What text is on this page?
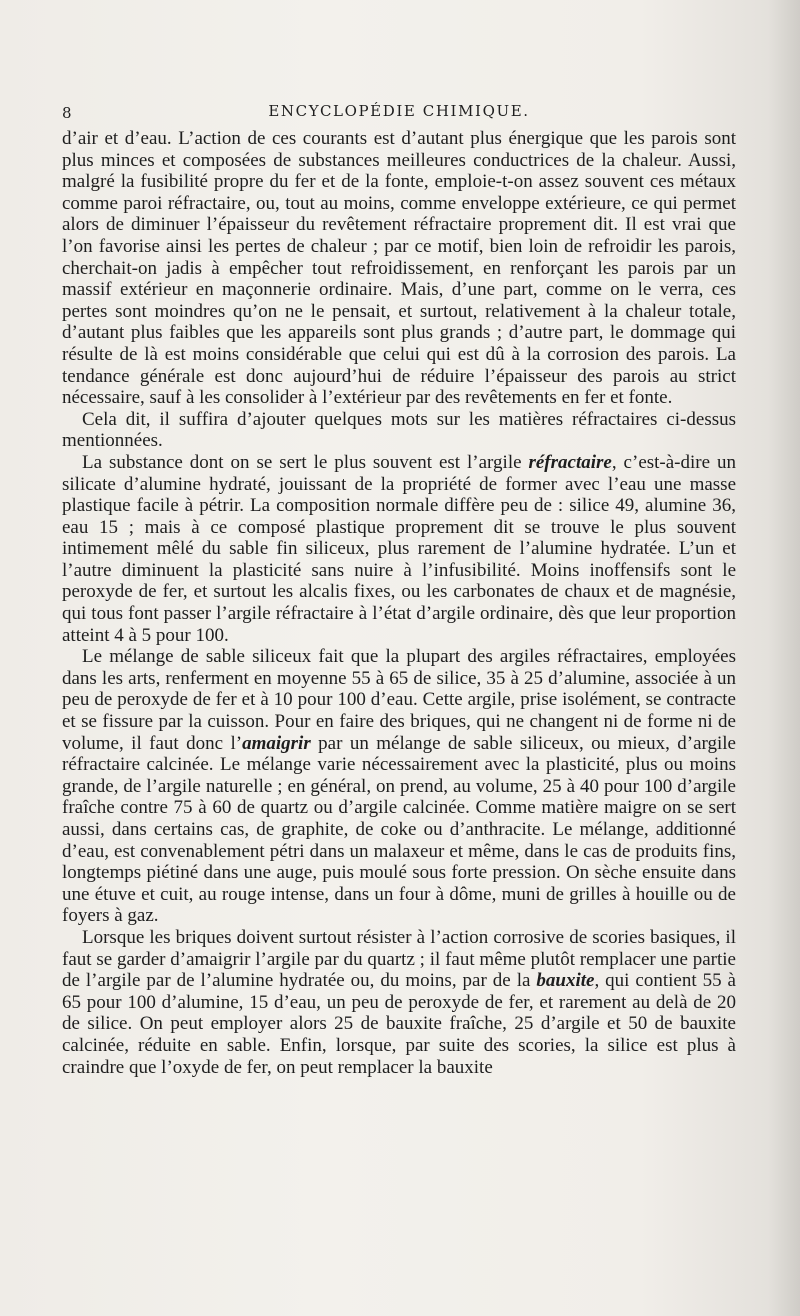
8	ENCYCLOPÉDIE CHIMIQUE.

d’air et d’eau. L’action de ces courants est d’autant plus énergique que les parois sont plus minces et composées de substances meilleures conductrices de la chaleur. Aussi, malgré la fusibilité propre du fer et de la fonte, emploie-t-on assez souvent ces métaux comme paroi réfractaire, ou, tout au moins, comme enveloppe extérieure, ce qui permet alors de diminuer l’épaisseur du revêtement réfractaire proprement dit. Il est vrai que l’on favorise ainsi les pertes de chaleur ; par ce motif, bien loin de refroidir les parois, cherchait-on jadis à empêcher tout refroidissement, en renforçant les parois par un massif extérieur en maçonnerie ordinaire. Mais, d’une part, comme on le verra, ces pertes sont moindres qu’on ne le pensait, et surtout, relativement à la chaleur totale, d’autant plus faibles que les appareils sont plus grands ; d’autre part, le dommage qui résulte de là est moins considérable que celui qui est dû à la corrosion des parois. La tendance générale est donc aujourd’hui de réduire l’épaisseur des parois au strict nécessaire, sauf à les consolider à l’extérieur par des revêtements en fer et fonte.

Cela dit, il suffira d’ajouter quelques mots sur les matières réfractaires ci-dessus mentionnées.

La substance dont on se sert le plus souvent est l’argile réfractaire, c’est-à-dire un silicate d’alumine hydraté, jouissant de la propriété de former avec l’eau une masse plastique facile à pétrir. La composition normale diffère peu de : silice 49, alumine 36, eau 15 ; mais à ce composé plastique proprement dit se trouve le plus souvent intimement mêlé du sable fin siliceux, plus rarement de l’alumine hydratée. L’un et l’autre diminuent la plasticité sans nuire à l’infusibilité. Moins inoffensifs sont le peroxyde de fer, et surtout les alcalis fixes, ou les carbonates de chaux et de magnésie, qui tous font passer l’argile réfractaire à l’état d’argile ordinaire, dès que leur proportion atteint 4 à 5 pour 100.

Le mélange de sable siliceux fait que la plupart des argiles réfractaires, employées dans les arts, renferment en moyenne 55 à 65 de silice, 35 à 25 d’alumine, associée à un peu de peroxyde de fer et à 10 pour 100 d’eau. Cette argile, prise isolément, se contracte et se fissure par la cuisson. Pour en faire des briques, qui ne changent ni de forme ni de volume, il faut donc l’amaigrir par un mélange de sable siliceux, ou mieux, d’argile réfractaire calcinée. Le mélange varie nécessairement avec la plasticité, plus ou moins grande, de l’argile naturelle ; en général, on prend, au volume, 25 à 40 pour 100 d’argile fraîche contre 75 à 60 de quartz ou d’argile calcinée. Comme matière maigre on se sert aussi, dans certains cas, de graphite, de coke ou d’anthracite. Le mélange, additionné d’eau, est convenablement pétri dans un malaxeur et même, dans le cas de produits fins, longtemps piétiné dans une auge, puis moulé sous forte pression. On sèche ensuite dans une étuve et cuit, au rouge intense, dans un four à dôme, muni de grilles à houille ou de foyers à gaz.

Lorsque les briques doivent surtout résister à l’action corrosive de scories basiques, il faut se garder d’amaigrir l’argile par du quartz ; il faut même plutôt remplacer une partie de l’argile par de l’alumine hydratée ou, du moins, par de la bauxite, qui contient 55 à 65 pour 100 d’alumine, 15 d’eau, un peu de peroxyde de fer, et rarement au delà de 20 de silice. On peut employer alors 25 de bauxite fraîche, 25 d’argile et 50 de bauxite calcinée, réduite en sable. Enfin, lorsque, par suite des scories, la silice est plus à craindre que l’oxyde de fer, on peut remplacer la bauxite
